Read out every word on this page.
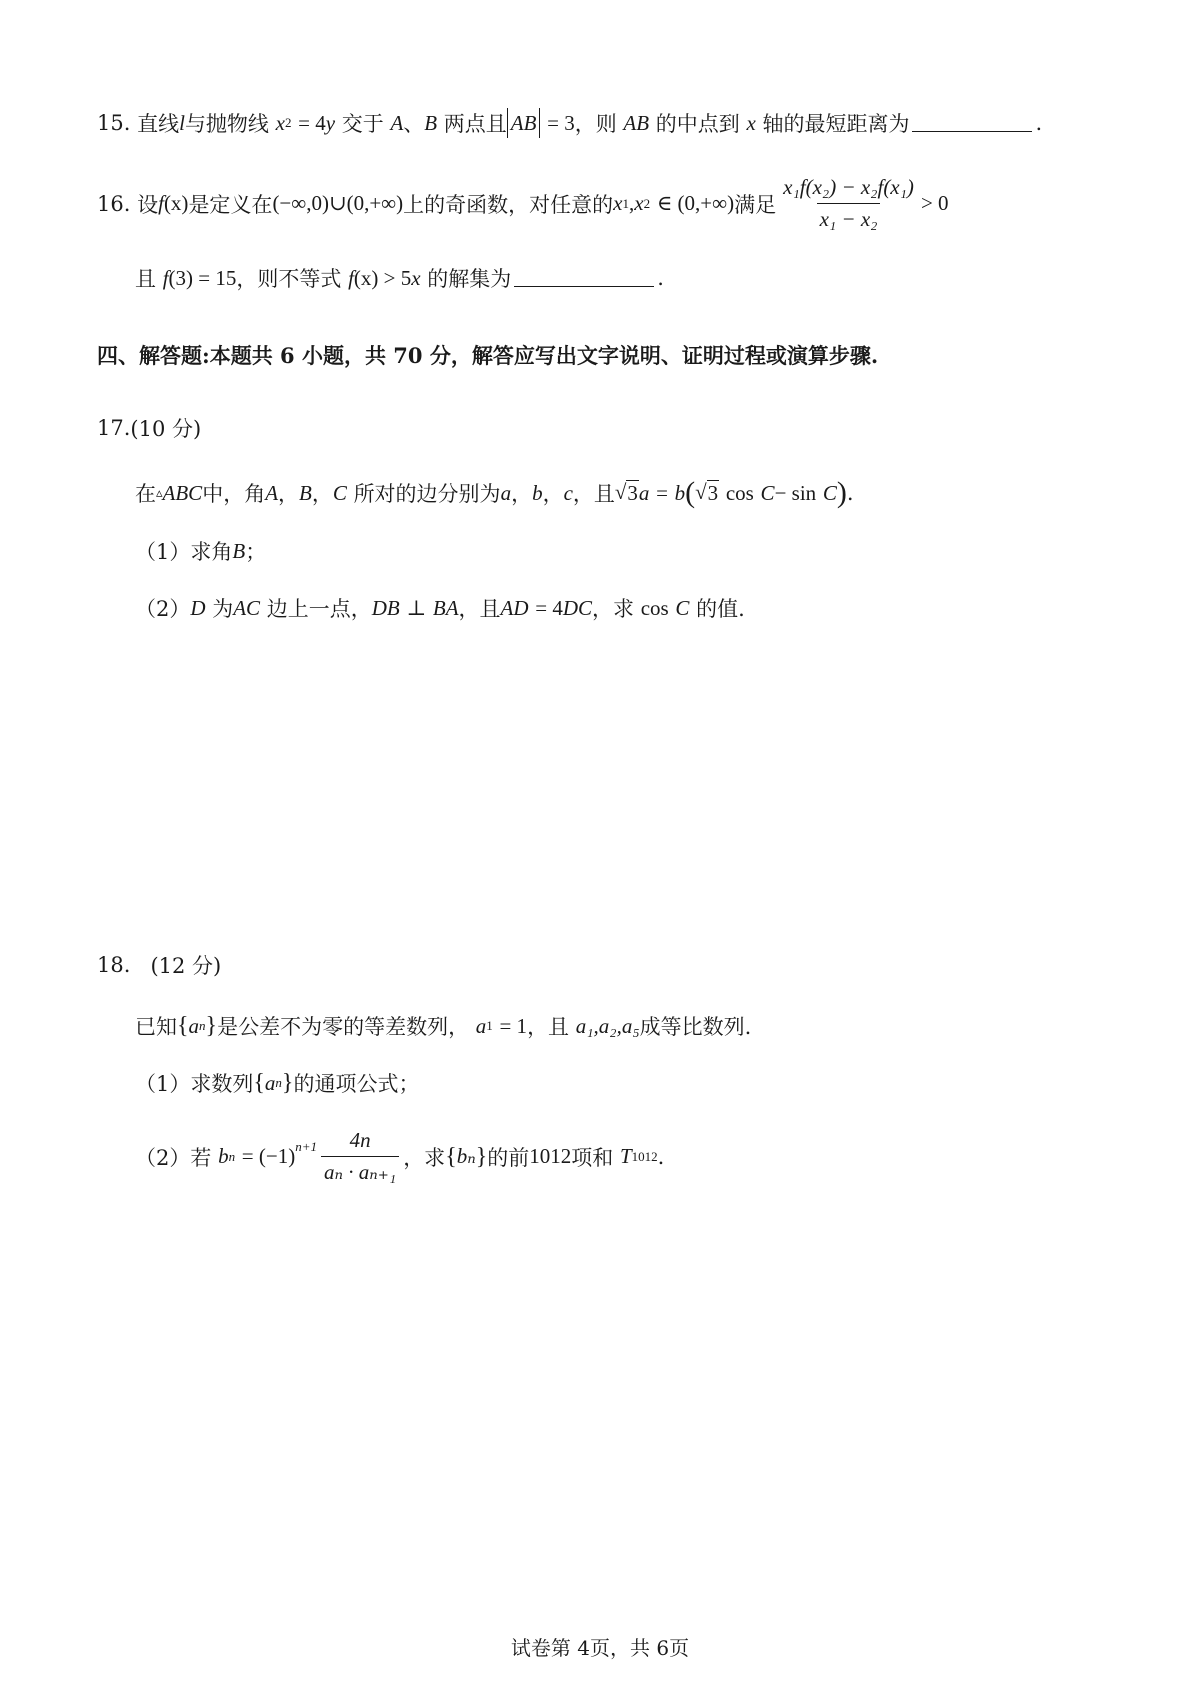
15.
直线 l 与抛物线
x 2
= 4 y
交于
A 、 B
两点且 AB
= 3 ，则
AB
的中点到
x
轴的最短距离为	.
16.
设 f (x) 是定义在 (−∞,0)∪(0,+∞) 上的奇函数，对任意的 x 1 , x 2
∈ (0,+∞) 满足 $\frac{\text{x₁f(x₂) − x₂f(x₁)}}{\text{x₁ − x₂}} > 0$
且
f (3) = 15 ，则不等式
f (x) > 5 x
的解集为	.
四、解答题:本题共 6 小题，共 70 分，解答应写出文字说明、证明过程或演算步骤.
17. (10 分)
在 ▵ ABC 中，角 A ， B ， C
所对的边分别为 a ， b ， c ，且 √ 3 a
=
b ( √ 3
cos
C − sin
C ) .
（1） 求角 B ；
（2） D
为 AC
边上一点， DB
⊥
BA ，且 AD
= 4 DC ，求
cos
C
的值.
18.
(12 分)
已知 { a n } 是公差不为零的等差数列，
a 1
= 1 ，且
a₁,a₂,a₅ 成等比数列.
（1） 求数列 { a n } 的通项公式；
（2） 若
b n
= $(-1)^{n+1} \frac{4n}{\text{aₙ · aₙ₊₁}}$ ，求 { bₙ } 的前 1012 项和
T 1012 .
试卷第 4页，共 6页
